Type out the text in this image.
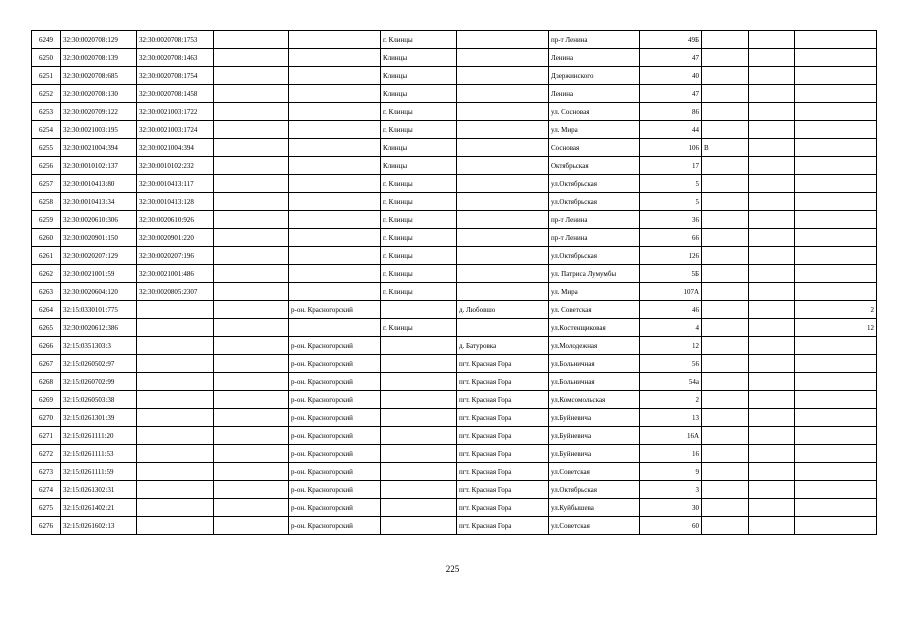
6249	32:30:0020708:129	32:30:0020708:1753			г. Клинцы		пр-т Ленина	49Б			
6250	32:30:0020708:139	32:30:0020708:1463			Клинцы		Ленина	47			
6251	32:30:0020708:685	32:30:0020708:1754			Клинцы		Дзержинского	40			
6252	32:30:0020708:130	32:30:0020708:1458			Клинцы		Ленина	47			
6253	32:30:0020709:122	32:30:0021003:1722			г. Клинцы		ул. Сосновая	86			
6254	32:30:0021003:195	32:30:0021003:1724			г. Клинцы		ул. Мира	44			
6255	32:30:0021004:394	32:30:0021004:394			Клинцы		Сосновая	106	В		
6256	32:30:0010102:137	32:30:0010102:232			Клинцы		Октябрьская	17			
6257	32:30:0010413:80	32:30:0010413:117			г. Клинцы		ул.Октябрьская	5			
6258	32:30:0010413:34	32:30:0010413:128			г. Клинцы		ул.Октябрьская	5			
6259	32:30:0020610:306	32:30:0020610:926			г. Клинцы		пр-т Ленина	36			
6260	32:30:0020901:150	32:30:0020901:220			г. Клинцы		пр-т Ленина	66			
6261	32:30:0020207:129	32:30:0020207:196			г. Клинцы		ул.Октябрьская	126			
6262	32:30:0021001:59	32:30:0021001:486			г. Клинцы		ул. Патриса Лумумбы	5Б			
6263	32:30:0020604:120	32:30:0020805:2307			г. Клинцы		ул. Мира	107А			
6264	32:15:0330101:775			р-он. Красногорский		д. Любовшо	ул. Советская	46			2
6265	32:30:0020612:386				г. Клинцы		ул.Костенщиковая	4			12
6266	32:15:0351303:3			р-он. Красногорский		д. Батуровка	ул.Молодежная	12			
6267	32:15:0260502:97			р-он. Красногорский		пгт. Красная Гора	ул.Больничная	56			
6268	32:15:0260702:99			р-он. Красногорский		пгт. Красная Гора	ул.Больничная	54а			
6269	32:15:0260503:38			р-он. Красногорский		пгт. Красная Гора	ул.Комсомольская	2			
6270	32:15:0261301:39			р-он. Красногорский		пгт. Красная Гора	ул.Буйневича	13			
6271	32:15:0261111:20			р-он. Красногорский		пгт. Красная Гора	ул.Буйневича	16А			
6272	32:15:0261111:53			р-он. Красногорский		пгт. Красная Гора	ул.Буйневича	16			
6273	32:15:0261111:59			р-он. Красногорский		пгт. Красная Гора	ул.Советская	9			
6274	32:15:0261302:31			р-он. Красногорский		пгт. Красная Гора	ул.Октябрьская	3			
6275	32:15:0261402:21			р-он. Красногорский		пгт. Красная Гора	ул.Куйбышева	30			
6276	32:15:0261602:13			р-он. Красногорский		пгт. Красная Гора	ул.Советская	60			
225
